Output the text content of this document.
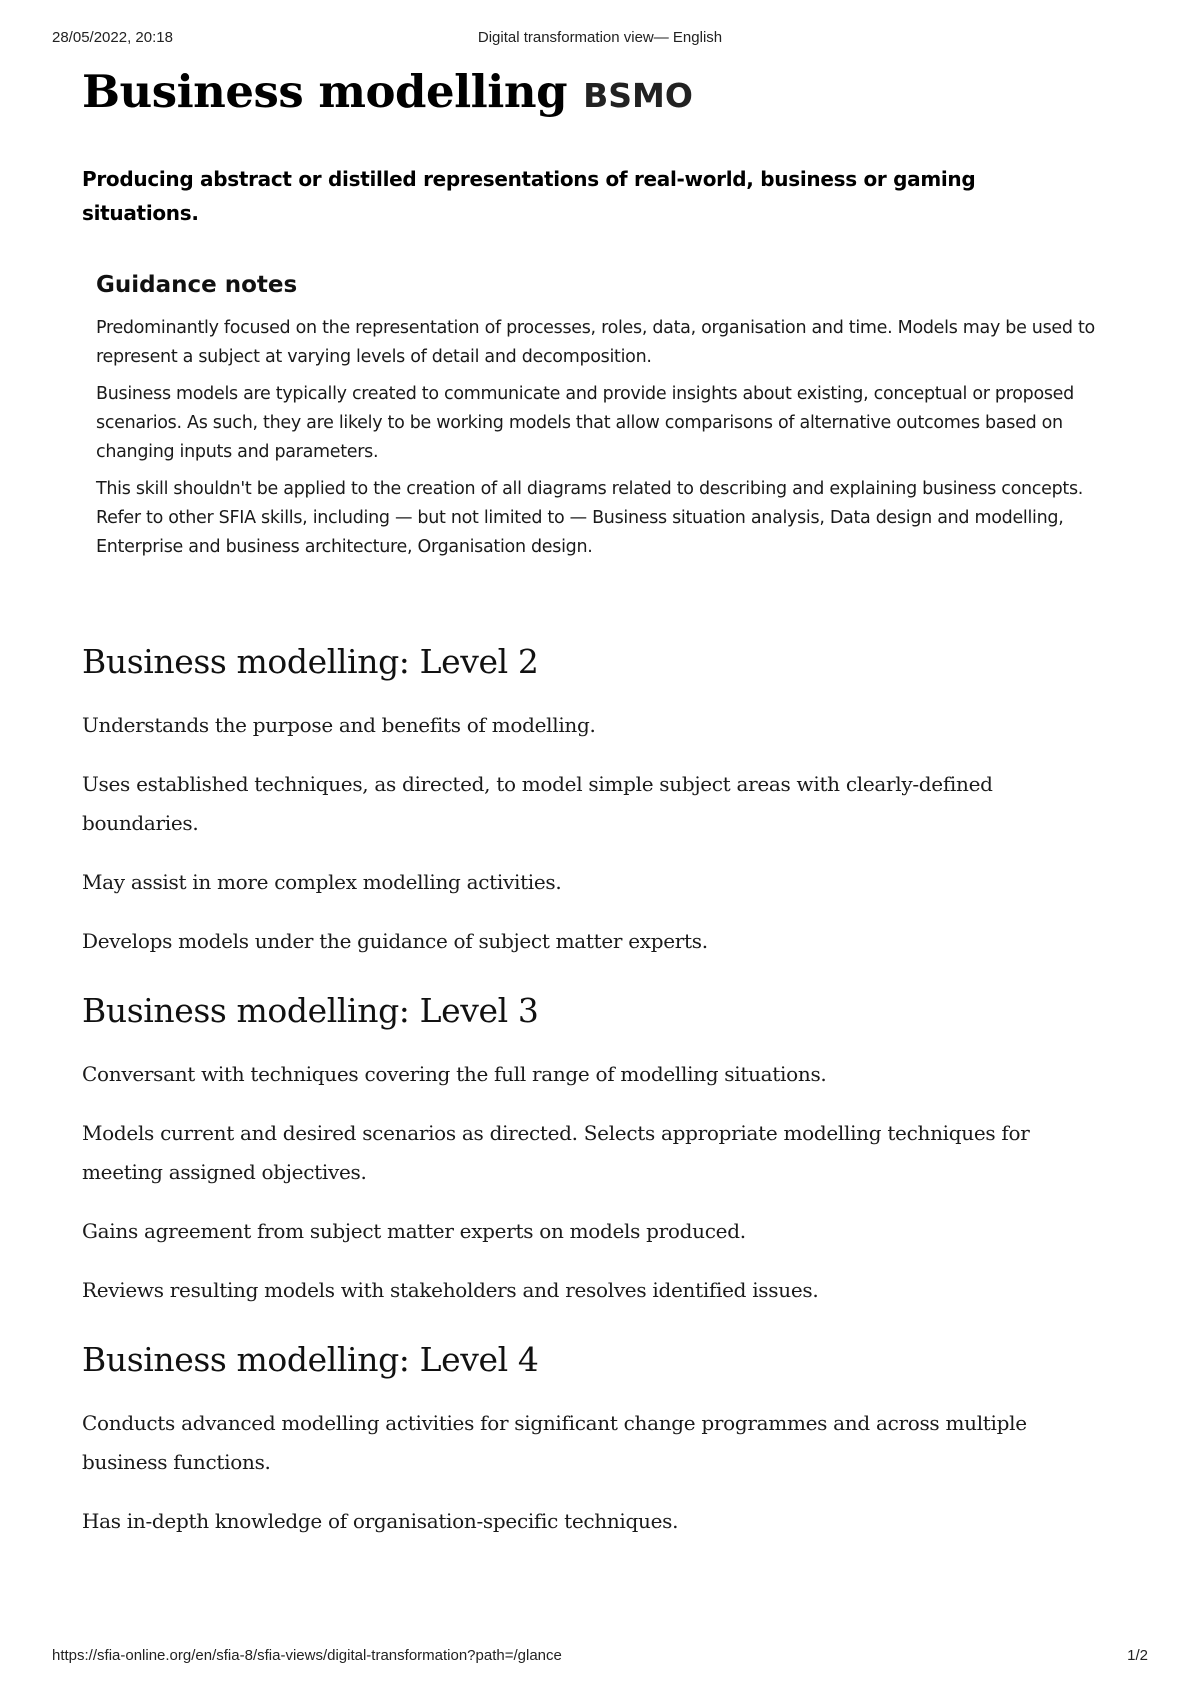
28/05/2022, 20:18	Digital transformation view— English
Business modelling BSMO

Producing abstract or distilled representations of real-world, business or gaming situations.

Guidance notes

Predominantly focused on the representation of processes, roles, data, organisation and time. Models may be used to represent a subject at varying levels of detail and decomposition.

Business models are typically created to communicate and provide insights about existing, conceptual or proposed scenarios. As such, they are likely to be working models that allow comparisons of alternative outcomes based on changing inputs and parameters.

This skill shouldn't be applied to the creation of all diagrams related to describing and explaining business concepts. Refer to other SFIA skills, including — but not limited to — Business situation analysis, Data design and modelling, Enterprise and business architecture, Organisation design.

Business modelling: Level 2

Understands the purpose and benefits of modelling.

Uses established techniques, as directed, to model simple subject areas with clearly-defined boundaries.

May assist in more complex modelling activities.

Develops models under the guidance of subject matter experts.

Business modelling: Level 3

Conversant with techniques covering the full range of modelling situations.

Models current and desired scenarios as directed. Selects appropriate modelling techniques for meeting assigned objectives.

Gains agreement from subject matter experts on models produced.

Reviews resulting models with stakeholders and resolves identified issues.

Business modelling: Level 4

Conducts advanced modelling activities for significant change programmes and across multiple business functions.

Has in-depth knowledge of organisation-specific techniques.

https://sfia-online.org/en/sfia-8/sfia-views/digital-transformation?path=/glance	1/2
